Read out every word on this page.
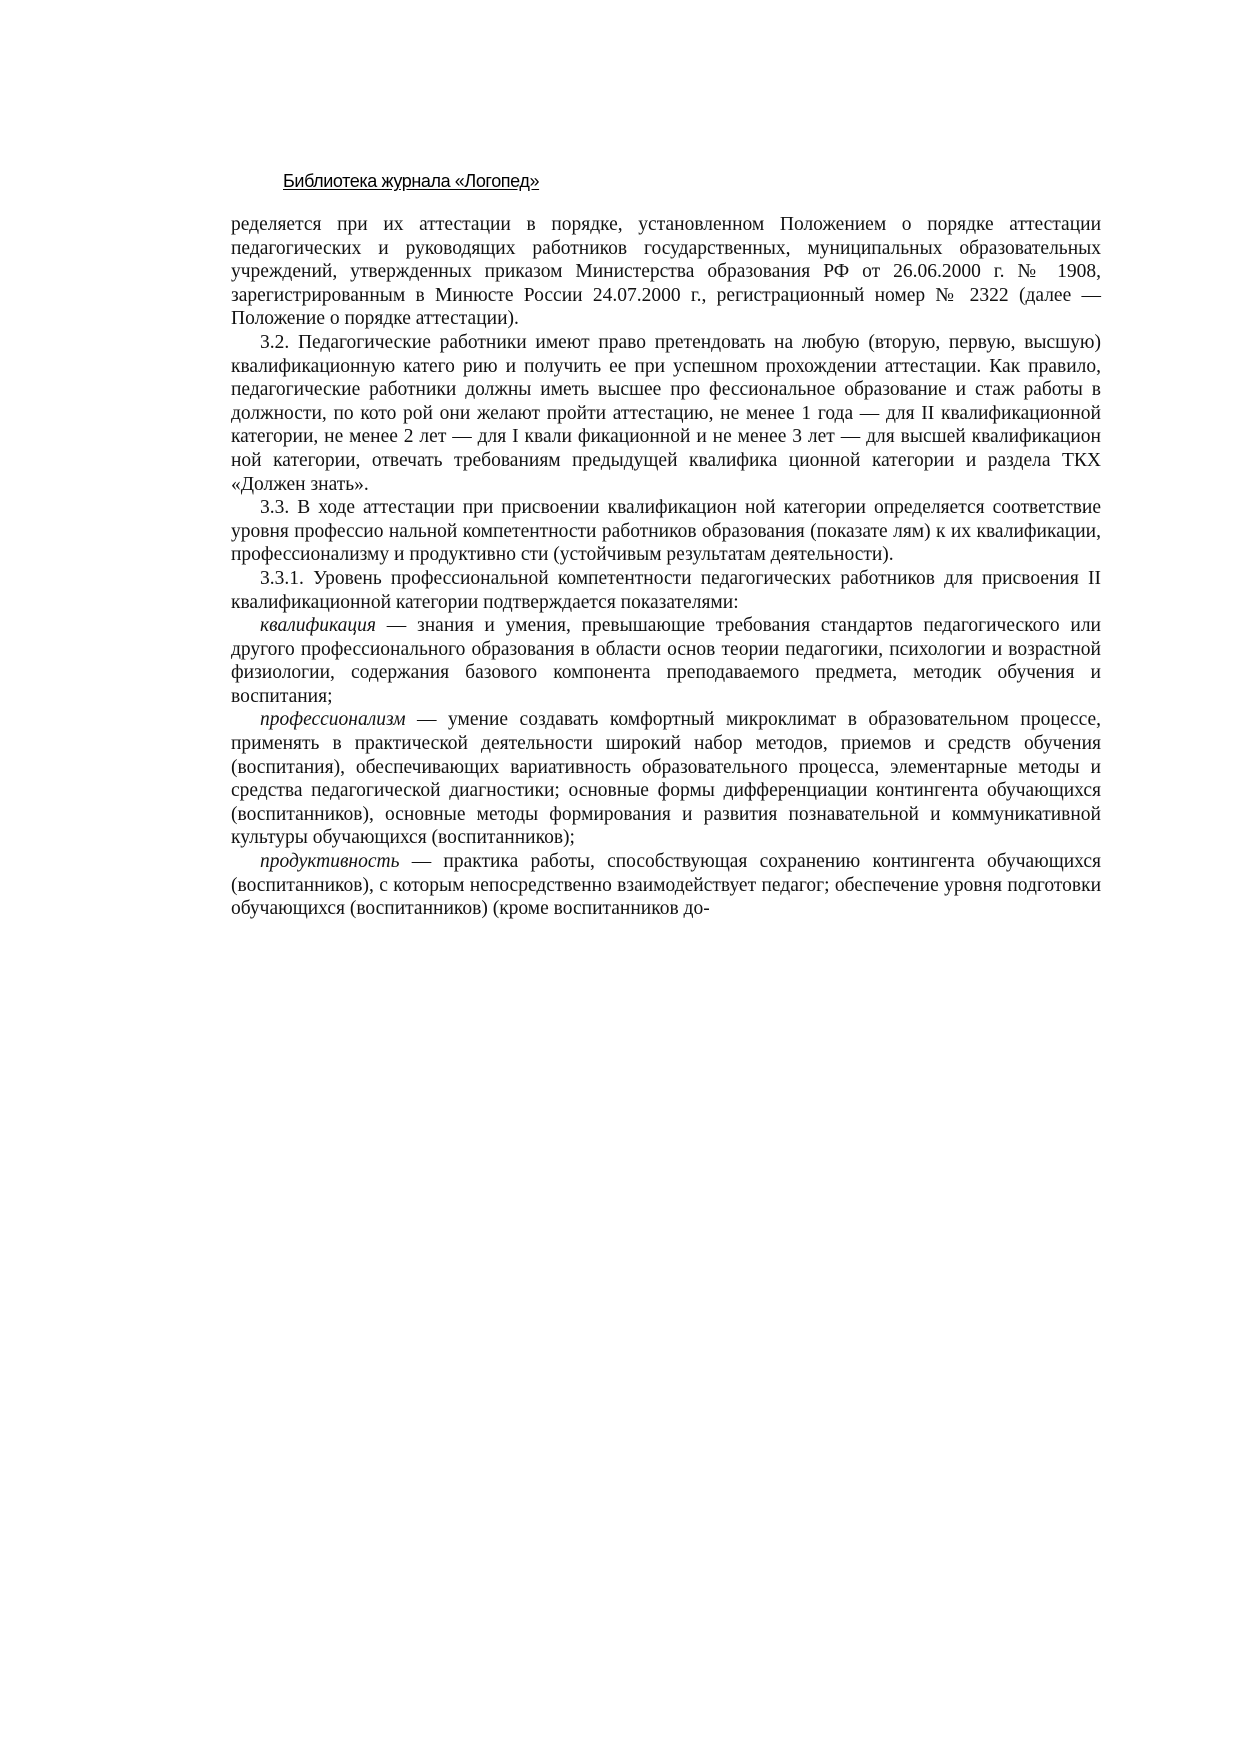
Библиотека журнала «Логопед»

ределяется при их аттестации в порядке, установленном Положением о порядке аттестации педагогических и руководящих работников государственных, муниципальных образовательных учреждений, утвержденных приказом Министерства образования РФ от 26.06.2000 г. № 1908, зарегистрированным в Минюсте России 24.07.2000 г., регистрационный номер № 2322 (далее — Положение о порядке аттестации).

3.2. Педагогические работники имеют право претендовать на любую (вторую, первую, высшую) квалификационную катего рию и получить ее при успешном прохождении аттестации. Как правило, педагогические работники должны иметь высшее про фессиональное образование и стаж работы в должности, по кото рой они желают пройти аттестацию, не менее 1 года — для II квалификационной категории, не менее 2 лет — для I квали фикационной и не менее 3 лет — для высшей квалификацион ной категории, отвечать требованиям предыдущей квалифика ционной категории и раздела ТКХ «Должен знать».

3.3. В ходе аттестации при присвоении квалификацион ной категории определяется соответствие уровня профессио нальной компетентности работников образования (показате лям) к их квалификации, профессионализму и продуктивно сти (устойчивым результатам деятельности).

3.3.1. Уровень профессиональной компетентности педагогических работников для присвоения II квалификационной категории подтверждается показателями:

квалификация — знания и умения, превышающие требования стандартов педагогического или другого профессионального образования в области основ теории педагогики, психологии и возрастной физиологии, содержания базового компонента преподаваемого предмета, методик обучения и воспитания;

профессионализм — умение создавать комфортный микроклимат в образовательном процессе, применять в практической деятельности широкий набор методов, приемов и средств обучения (воспитания), обеспечивающих вариативность образовательного процесса, элементарные методы и средства педагогической диагностики; основные формы дифференциации контингента обучающихся (воспитанников), основные методы формирования и развития познавательной и коммуникативной культуры обучающихся (воспитанников);

продуктивность — практика работы, способствующая сохранению контингента обучающихся (воспитанников), с которым непосредственно взаимодействует педагог; обеспечение уровня подготовки обучающихся (воспитанников) (кроме воспитанников до-
